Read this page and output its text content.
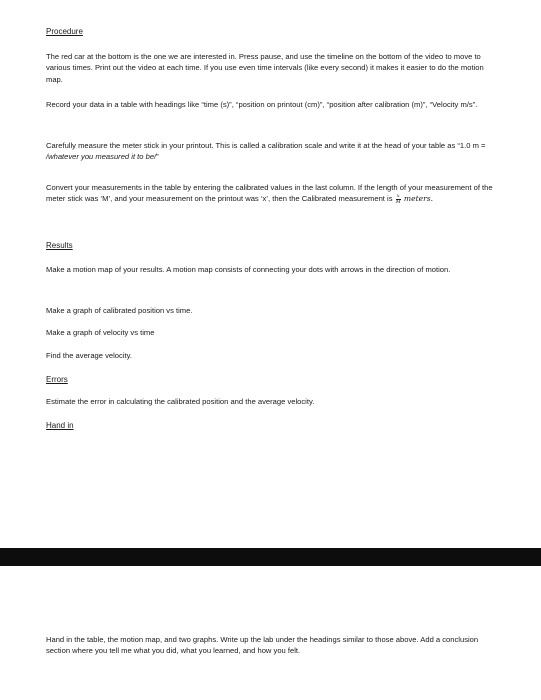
Procedure

The red car at the bottom is the one we are interested in. Press pause, and use the timeline on the bottom of the video to move to various times. Print out the video at each time. If you use even time intervals (like every second) it makes it easier to do the motion map.

Record your data in a table with headings like “time (s)”, “position on printout (cm)”, “position after calibration (m)”, “Velocity m/s”.

Carefully measure the meter stick in your printout. This is called a calibration scale and write it at the head of your table as “1.0 m = /whatever you measured it to be/”

Convert your measurements in the table by entering the calibrated values in the last column. If the length of your measurement of the meter stick was ‘M’, and your measurement on the printout was ‘x’, then the Calibrated measurement is $\frac{x}{M}$ meters.

Results

Make a motion map of your results. A motion map consists of connecting your dots with arrows in the direction of motion.

Make a graph of calibrated position vs time.

Make a graph of velocity vs time

Find the average velocity.

Errors

Estimate the error in calculating the calibrated position and the average velocity.

Hand in

Hand in the table, the motion map, and two graphs. Write up the lab under the headings similar to those above. Add a conclusion section where you tell me what you did, what you learned, and how you felt.
